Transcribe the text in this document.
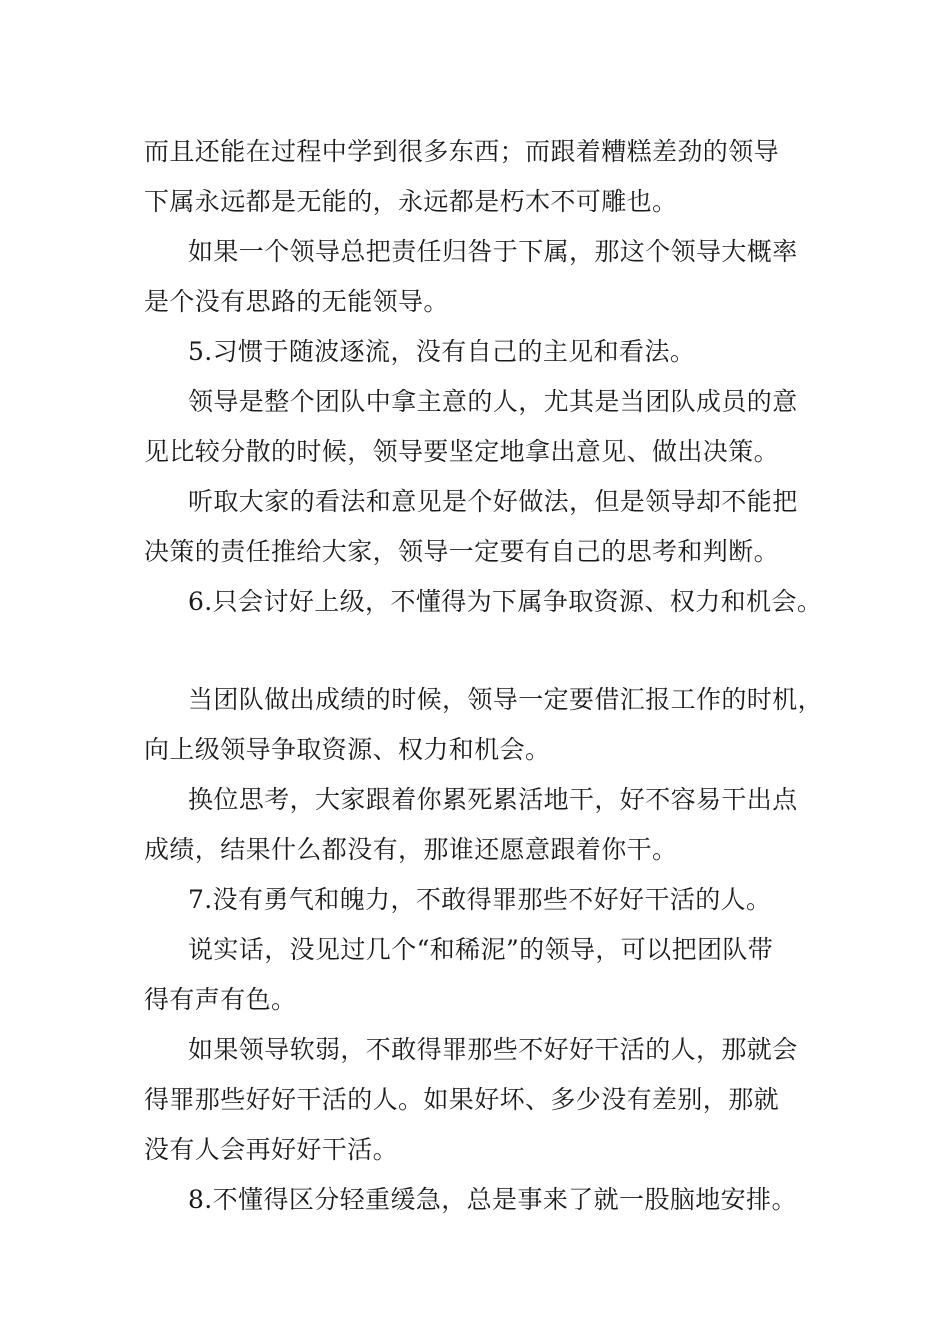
而且还能在过程中学到很多东西；而跟着糟糕差劲的领导
下属永远都是无能的，永远都是朽木不可雕也。
如果一个领导总把责任归咎于下属，那这个领导大概率
是个没有思路的无能领导。
5.习惯于随波逐流，没有自己的主见和看法。
领导是整个团队中拿主意的人，尤其是当团队成员的意
见比较分散的时候，领导要坚定地拿出意见、做出决策。
听取大家的看法和意见是个好做法，但是领导却不能把
决策的责任推给大家，领导一定要有自己的思考和判断。
6.只会讨好上级，不懂得为下属争取资源、权力和机会。
当团队做出成绩的时候，领导一定要借汇报工作的时机，
向上级领导争取资源、权力和机会。
换位思考，大家跟着你累死累活地干，好不容易干出点
成绩，结果什么都没有，那谁还愿意跟着你干。
7.没有勇气和魄力，不敢得罪那些不好好干活的人。
说实话，没见过几个“和稀泥”的领导，可以把团队带
得有声有色。
如果领导软弱，不敢得罪那些不好好干活的人，那就会
得罪那些好好干活的人。如果好坏、多少没有差别，那就
没有人会再好好干活。
8.不懂得区分轻重缓急，总是事来了就一股脑地安排。
